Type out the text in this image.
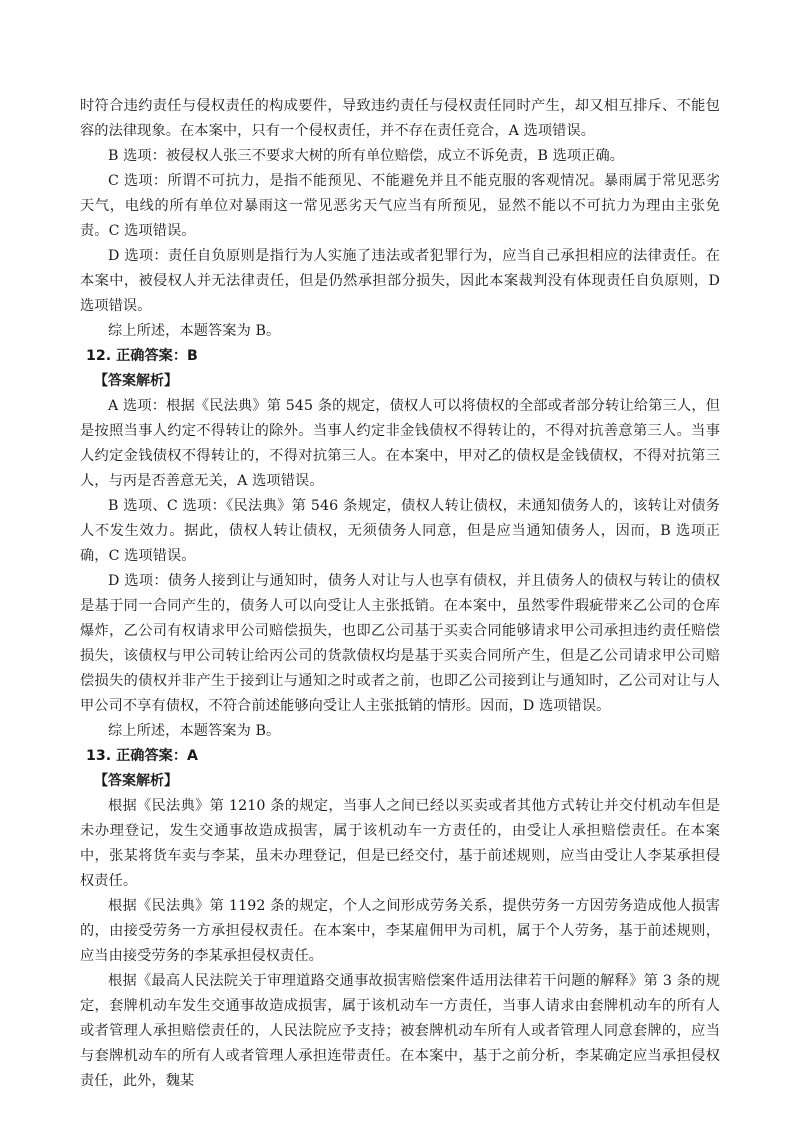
时符合违约责任与侵权责任的构成要件，导致违约责任与侵权责任同时产生，却又相互排斥、不能包容的法律现象。在本案中，只有一个侵权责任，并不存在责任竞合，A 选项错误。

B 选项：被侵权人张三不要求大树的所有单位赔偿，成立不诉免责，B 选项正确。

C 选项：所谓不可抗力，是指不能预见、不能避免并且不能克服的客观情况。暴雨属于常见恶劣天气，电线的所有单位对暴雨这一常见恶劣天气应当有所预见，显然不能以不可抗力为理由主张免责。C 选项错误。

D 选项：责任自负原则是指行为人实施了违法或者犯罪行为，应当自己承担相应的法律责任。在本案中，被侵权人并无法律责任，但是仍然承担部分损失，因此本案裁判没有体现责任自负原则，D 选项错误。

综上所述，本题答案为 B。

12. 正确答案：B
【答案解析】

A 选项：根据《民法典》第 545 条的规定，债权人可以将债权的全部或者部分转让给第三人，但是按照当事人约定不得转让的除外。当事人约定非金钱债权不得转让的，不得对抗善意第三人。当事人约定金钱债权不得转让的，不得对抗第三人。在本案中，甲对乙的债权是金钱债权，不得对抗第三人，与丙是否善意无关，A 选项错误。

B 选项、C 选项：《民法典》第 546 条规定，债权人转让债权，未通知债务人的，该转让对债务人不发生效力。据此，债权人转让债权，无须债务人同意，但是应当通知债务人，因而，B 选项正确，C 选项错误。

D 选项：债务人接到让与通知时，债务人对让与人也享有债权，并且债务人的债权与转让的债权是基于同一合同产生的，债务人可以向受让人主张抵销。在本案中，虽然零件瑕疵带来乙公司的仓库爆炸，乙公司有权请求甲公司赔偿损失，也即乙公司基于买卖合同能够请求甲公司承担违约责任赔偿损失，该债权与甲公司转让给丙公司的货款债权均是基于买卖合同所产生，但是乙公司请求甲公司赔偿损失的债权并非产生于接到让与通知之时或者之前，也即乙公司接到让与通知时，乙公司对让与人甲公司不享有债权，不符合前述能够向受让人主张抵销的情形。因而，D 选项错误。

综上所述，本题答案为 B。

13. 正确答案：A
【答案解析】

根据《民法典》第 1210 条的规定，当事人之间已经以买卖或者其他方式转让并交付机动车但是未办理登记，发生交通事故造成损害，属于该机动车一方责任的，由受让人承担赔偿责任。在本案中，张某将货车卖与李某，虽未办理登记，但是已经交付，基于前述规则，应当由受让人李某承担侵权责任。

根据《民法典》第 1192 条的规定，个人之间形成劳务关系，提供劳务一方因劳务造成他人损害的，由接受劳务一方承担侵权责任。在本案中，李某雇佣甲为司机，属于个人劳务，基于前述规则，应当由接受劳务的李某承担侵权责任。

根据《最高人民法院关于审理道路交通事故损害赔偿案件适用法律若干问题的解释》第 3 条的规定，套牌机动车发生交通事故造成损害，属于该机动车一方责任，当事人请求由套牌机动车的所有人或者管理人承担赔偿责任的，人民法院应予支持；被套牌机动车所有人或者管理人同意套牌的，应当与套牌机动车的所有人或者管理人承担连带责任。在本案中，基于之前分析，李某确定应当承担侵权责任，此外，魏某
